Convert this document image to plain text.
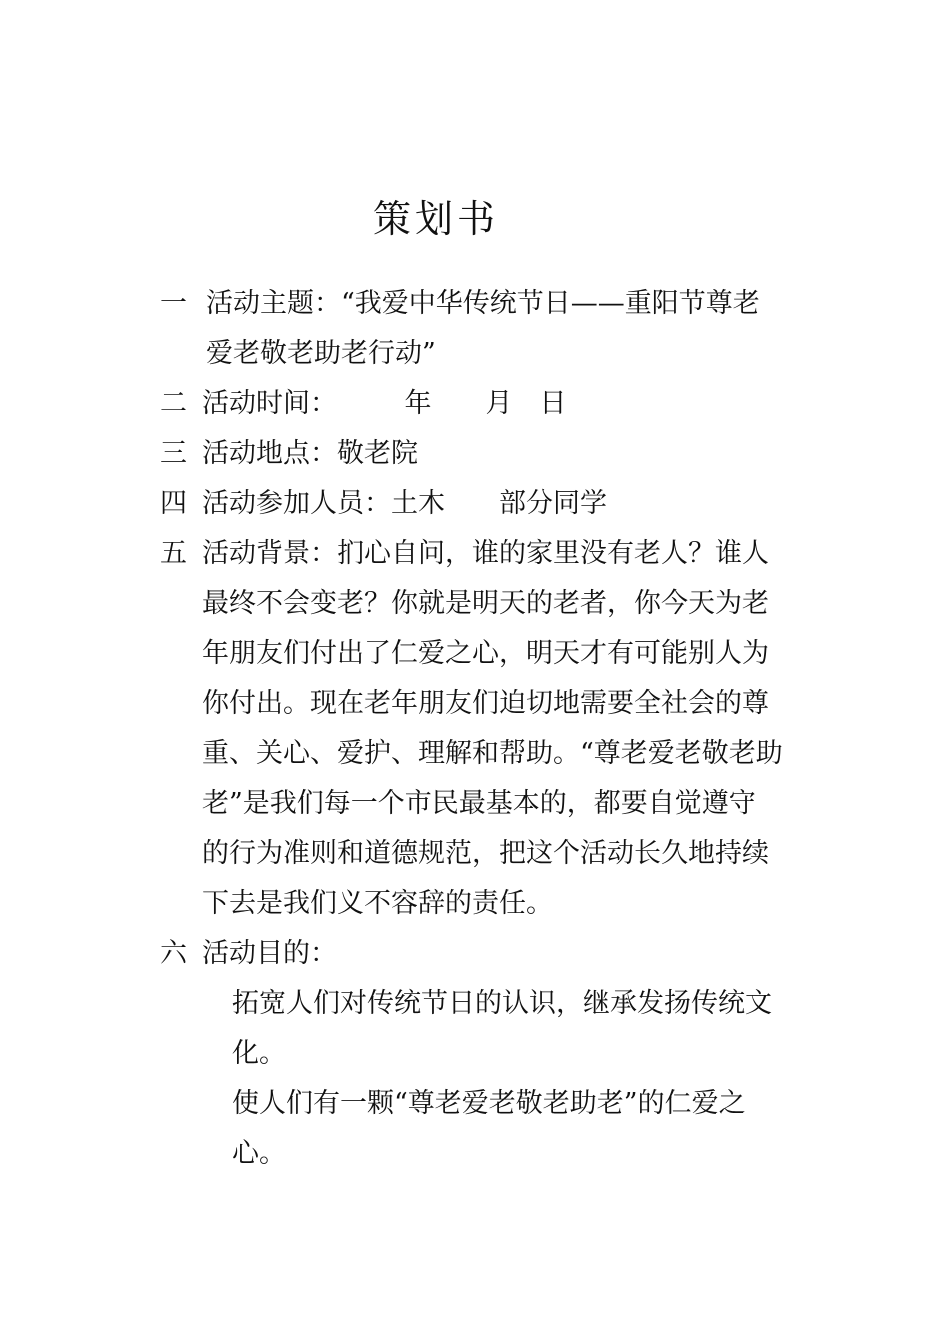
策划书
一 活动主题：“我爱中华传统节日——重阳节尊老
爱老敬老助老行动”
二 活动时间：　　　年　　月　日
三 活动地点：敬老院
四 活动参加人员：土木　　部分同学
五 活动背景：扪心自问，谁的家里没有老人？谁人
最终不会变老？你就是明天的老者，你今天为老
年朋友们付出了仁爱之心，明天才有可能别人为
你付出。现在老年朋友们迫切地需要全社会的尊
重、关心、爱护、理解和帮助。“尊老爱老敬老助
老”是我们每一个市民最基本的，都要自觉遵守
的行为准则和道德规范，把这个活动长久地持续
下去是我们义不容辞的责任。
六 活动目的：
拓宽人们对传统节日的认识，继承发扬传统文
化。
使人们有一颗“尊老爱老敬老助老”的仁爱之
心。
